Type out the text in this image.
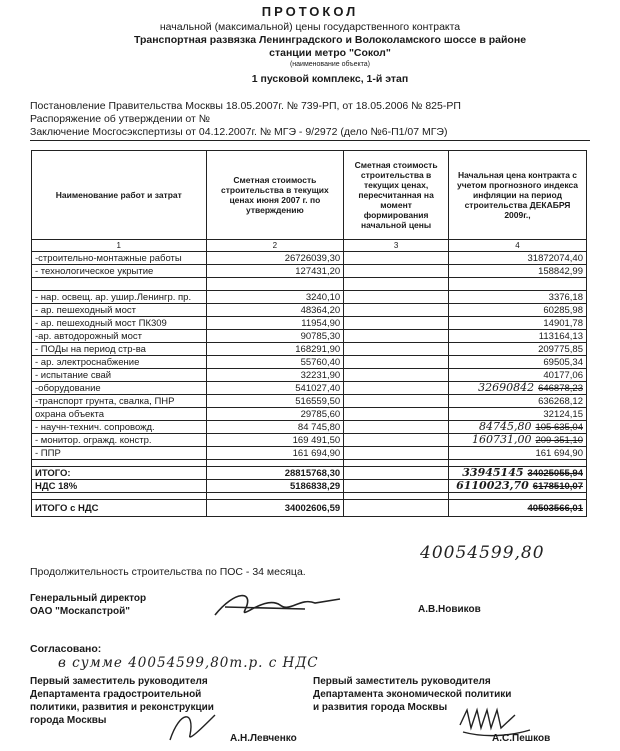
ПРОТОКОЛ
начальной (максимальной) цены государственного контракта
Транспортная развязка Ленинградского и Волоколамского шоссе в районе
станции метро "Сокол"
(наименование объекта)
1 пусковой комплекс, 1-й этап
Постановление Правительства Москвы 18.05.2007г. № 739-РП, от 18.05.2006 № 825-РП
Распоряжение об утверждении от №
Заключение Мосгосэкспертизы от 04.12.2007г. № МГЭ - 9/2972 (дело №6-П1/07 МГЭ)
Наименование работ и затрат	Сметная стоимость строительства в текущих ценах июня 2007 г. по утверждению	Сметная стоимость строительства в текущих ценах, пересчитанная на момент формирования начальной цены	Начальная цена контракта с учетом прогнозного индекса инфляции на период строительства ДЕКАБРЯ 2009г.,
1	2	3	4
-строительно-монтажные работы	26726039,30		31872074,40
- технологическое укрытие	127431,20		158842,99

- нар. освещ. ар. ушир.Ленингр. пр.	3240,10		3376,18
- ар. пешеходный мост	48364,20		60285,98
- ар. пешеходный мост ПК309	11954,90		14901,78
-ар. автодорожный мост	90785,30		113164,13
- ПОДы на период стр-ва	168291,90		209775,85
- ар. электроснабжение	55760,40		69505,34
- испытание свай	32231,90		40177,06
-оборудование	541027,40		32690842 646878,23
-транспорт грунта, свалка, ПНР	516559,50		636268,12
охрана объекта	29785,60		32124,15
- научн-технич. сопровожд.	84 745,80		84745,80 105 635,04
- монитор. огражд. констр.	169 491,50		160731,00 209 351,10
- ППР	161 694,90		161 694,90

ИТОГО:	28815768,30		33945145 34025055,94
НДС 18%	5186838,29		6110023,70 6178510,07

ИТОГО с НДС	34002606,59		40503566,01
40054599,80
Продолжительность строительства по ПОС - 34 месяца.
Генеральный директор
ОАО "Москапстрой"	А.В.Новиков
Согласовано:
в сумме 40054599,80т.р. с НДС
Первый заместитель руководителя
Департамента градостроительной
политики, развития и реконструкции
города Москвы
А.Н.Левченко
Первый заместитель руководителя
Департамента экономической политики
и развития города Москвы
А.С.Пешков
